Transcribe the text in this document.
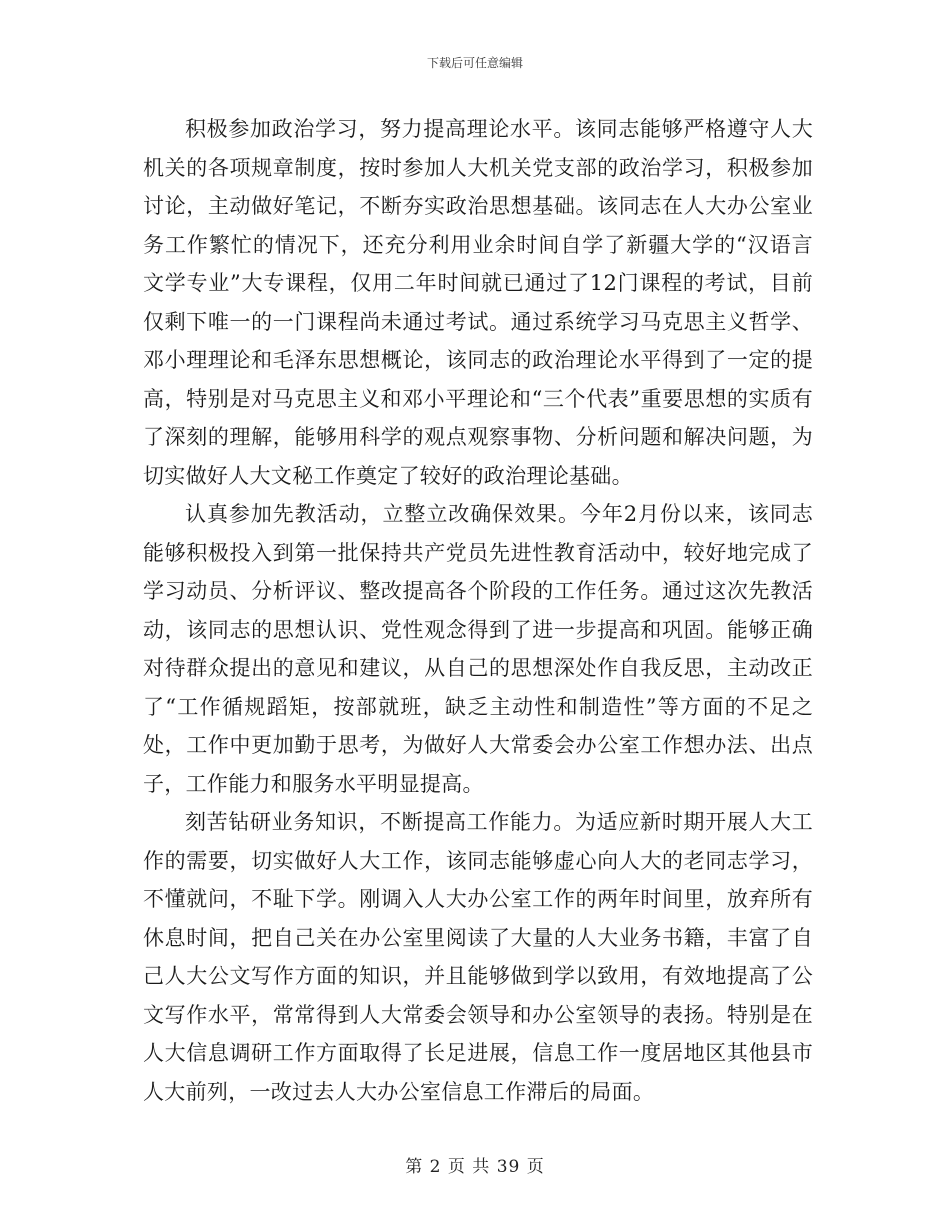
下载后可任意编辑

积极参加政治学习，努力提高理论水平。该同志能够严格遵守人大机关的各项规章制度，按时参加人大机关党支部的政治学习，积极参加讨论，主动做好笔记，不断夯实政治思想基础。该同志在人大办公室业务工作繁忙的情况下，还充分利用业余时间自学了新疆大学的“汉语言文学专业”大专课程，仅用二年时间就已通过了12门课程的考试，目前仅剩下唯一的一门课程尚未通过考试。通过系统学习马克思主义哲学、邓小理理论和毛泽东思想概论，该同志的政治理论水平得到了一定的提高，特别是对马克思主义和邓小平理论和“三个代表”重要思想的实质有了深刻的理解，能够用科学的观点观察事物、分析问题和解决问题，为切实做好人大文秘工作奠定了较好的政治理论基础。

认真参加先教活动，立整立改确保效果。今年2月份以来，该同志能够积极投入到第一批保持共产党员先进性教育活动中，较好地完成了学习动员、分析评议、整改提高各个阶段的工作任务。通过这次先教活动，该同志的思想认识、党性观念得到了进一步提高和巩固。能够正确对待群众提出的意见和建议，从自己的思想深处作自我反思，主动改正了“工作循规蹈矩，按部就班，缺乏主动性和制造性”等方面的不足之处，工作中更加勤于思考，为做好人大常委会办公室工作想办法、出点子，工作能力和服务水平明显提高。

刻苦钻研业务知识，不断提高工作能力。为适应新时期开展人大工作的需要，切实做好人大工作，该同志能够虚心向人大的老同志学习，不懂就问，不耻下学。刚调入人大办公室工作的两年时间里，放弃所有休息时间，把自己关在办公室里阅读了大量的人大业务书籍，丰富了自己人大公文写作方面的知识，并且能够做到学以致用，有效地提高了公文写作水平，常常得到人大常委会领导和办公室领导的表扬。特别是在人大信息调研工作方面取得了长足进展，信息工作一度居地区其他县市人大前列，一改过去人大办公室信息工作滞后的局面。

第 2 页 共 39 页
